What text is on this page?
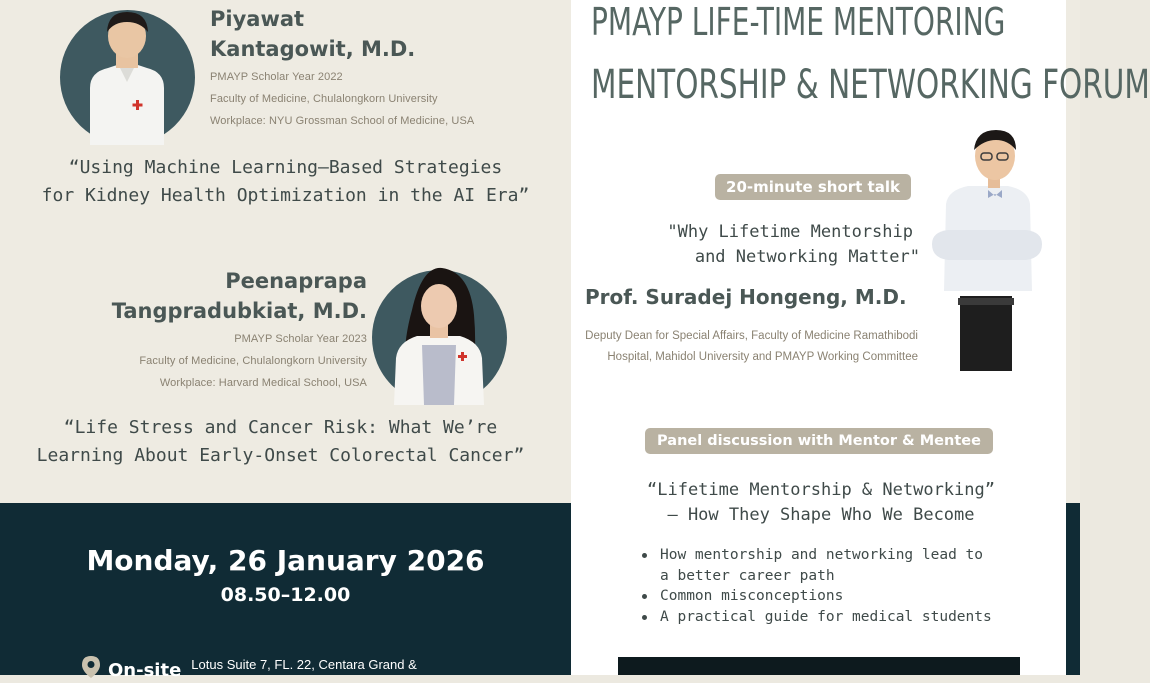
Piyawat
Kantagowit, M.D.
PMAYP Scholar Year 2022
Faculty of Medicine, Chulalongkorn University
Workplace: NYU Grossman School of Medicine, USA
“Using Machine Learning–Based Strategies
for Kidney Health Optimization in the AI Era”
Peenaprapa
Tangpradubkiat, M.D.
PMAYP Scholar Year 2023
Faculty of Medicine, Chulalongkorn University
Workplace: Harvard Medical School, USA
“Life Stress and Cancer Risk: What We’re
Learning About Early-Onset Colorectal Cancer”
Monday, 26 January 2026
08.50–12.00
On-site Lotus Suite 7, FL. 22, Centara Grand &
PMAYP LIFE-TIME MENTORING
MENTORSHIP & NETWORKING FORUM
20-minute short talk
"Why Lifetime Mentorship
and Networking Matter"
Prof. Suradej Hongeng, M.D.
Deputy Dean for Special Affairs, Faculty of Medicine Ramathibodi
Hospital, Mahidol University and PMAYP Working Committee
Panel discussion with Mentor & Mentee
“Lifetime Mentorship & Networking”
– How They Shape Who We Become
How mentorship and networking lead to
a better career path
Common misconceptions
A practical guide for medical students
